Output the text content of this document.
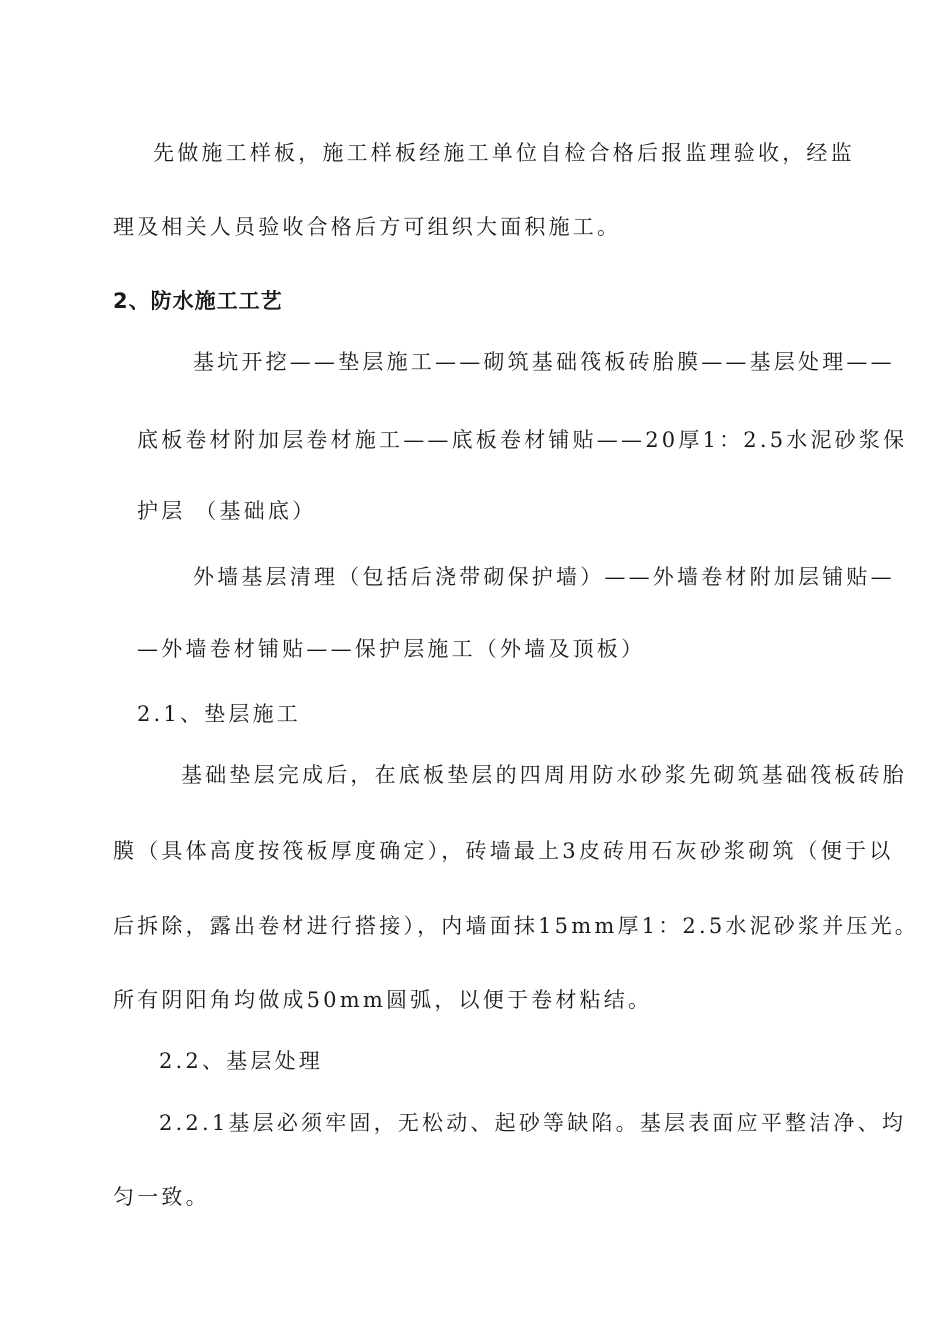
先做施工样板，施工样板经施工单位自检合格后报监理验收，经监
理及相关人员验收合格后方可组织大面积施工。
2、防水施工工艺
基坑开挖——垫层施工——砌筑基础筏板砖胎膜——基层处理——
底板卷材附加层卷材施工——底板卷材铺贴——20厚1：2.5水泥砂浆保
护层 （基础底）
外墙基层清理（包括后浇带砌保护墙）——外墙卷材附加层铺贴—
—外墙卷材铺贴——保护层施工（外墙及顶板）
2.1、垫层施工
基础垫层完成后，在底板垫层的四周用防水砂浆先砌筑基础筏板砖胎
膜（具体高度按筏板厚度确定），砖墙最上3皮砖用石灰砂浆砌筑（便于以
后拆除，露出卷材进行搭接），内墙面抹15mm厚1：2.5水泥砂浆并压光。
所有阴阳角均做成50mm圆弧，以便于卷材粘结。
2.2、基层处理
2.2.1基层必须牢固，无松动、起砂等缺陷。基层表面应平整洁净、均
匀一致。
